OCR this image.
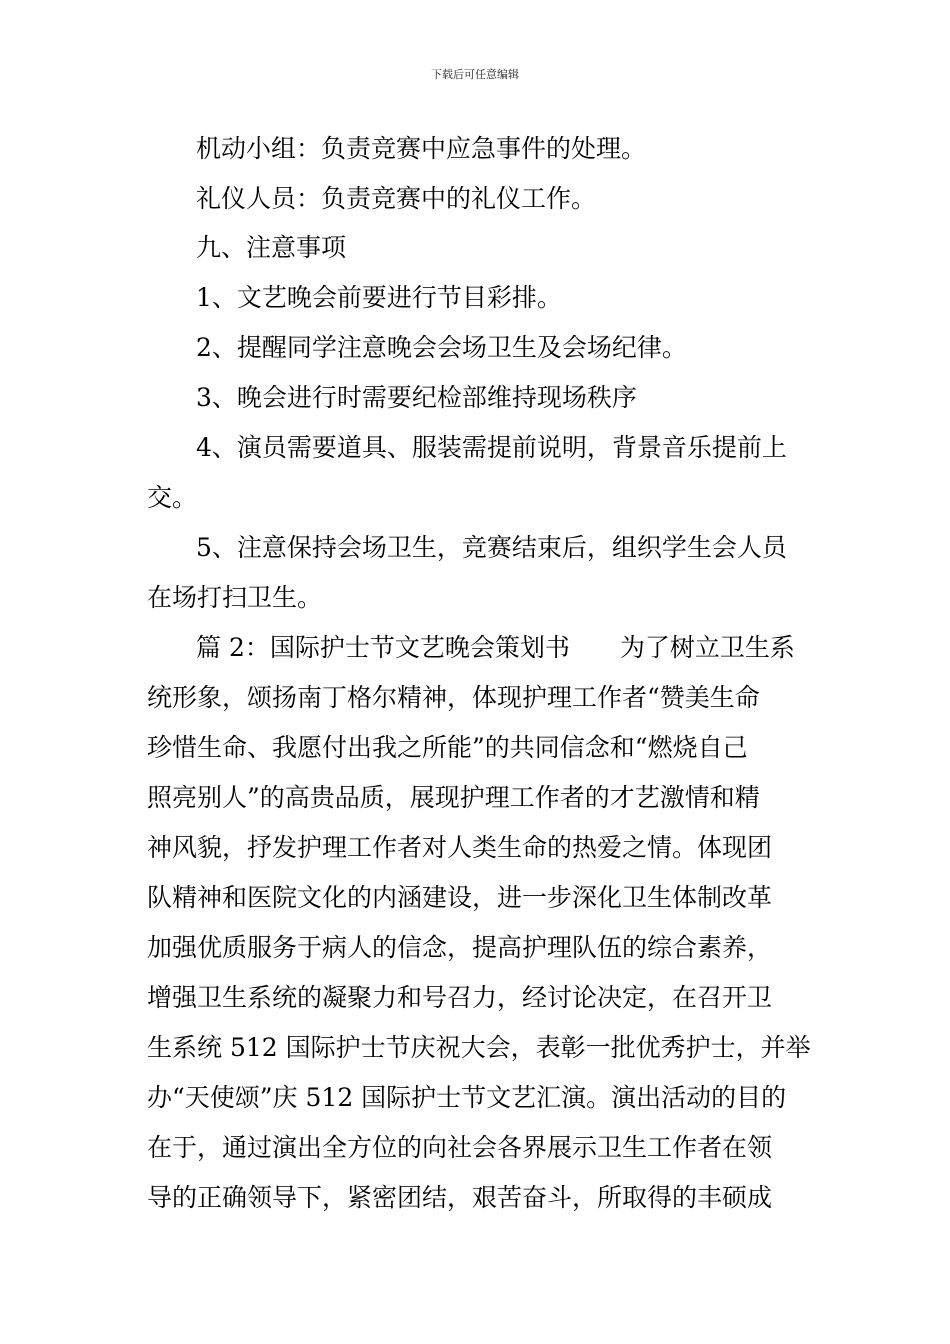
下载后可任意编辑
机动小组：负责竞赛中应急事件的处理。
礼仪人员：负责竞赛中的礼仪工作。
九、注意事项
1、文艺晚会前要进行节目彩排。
2、提醒同学注意晚会会场卫生及会场纪律。
3、晚会进行时需要纪检部维持现场秩序
4、演员需要道具、服装需提前说明，背景音乐提前上
交。
5、注意保持会场卫生，竞赛结束后，组织学生会人员
在场打扫卫生。
篇 2：国际护士节文艺晚会策划书　　为了树立卫生系
统形象，颂扬南丁格尔精神，体现护理工作者“赞美生命
珍惜生命、我愿付出我之所能”的共同信念和“燃烧自己
照亮别人”的高贵品质，展现护理工作者的才艺激情和精
神风貌，抒发护理工作者对人类生命的热爱之情。体现团
队精神和医院文化的内涵建设，进一步深化卫生体制改革
加强优质服务于病人的信念，提高护理队伍的综合素养，
增强卫生系统的凝聚力和号召力，经讨论决定，在召开卫
生系统 512 国际护士节庆祝大会，表彰一批优秀护士，并举
办“天使颂”庆 512 国际护士节文艺汇演。演出活动的目的
在于，通过演出全方位的向社会各界展示卫生工作者在领
导的正确领导下，紧密团结，艰苦奋斗，所取得的丰硕成
